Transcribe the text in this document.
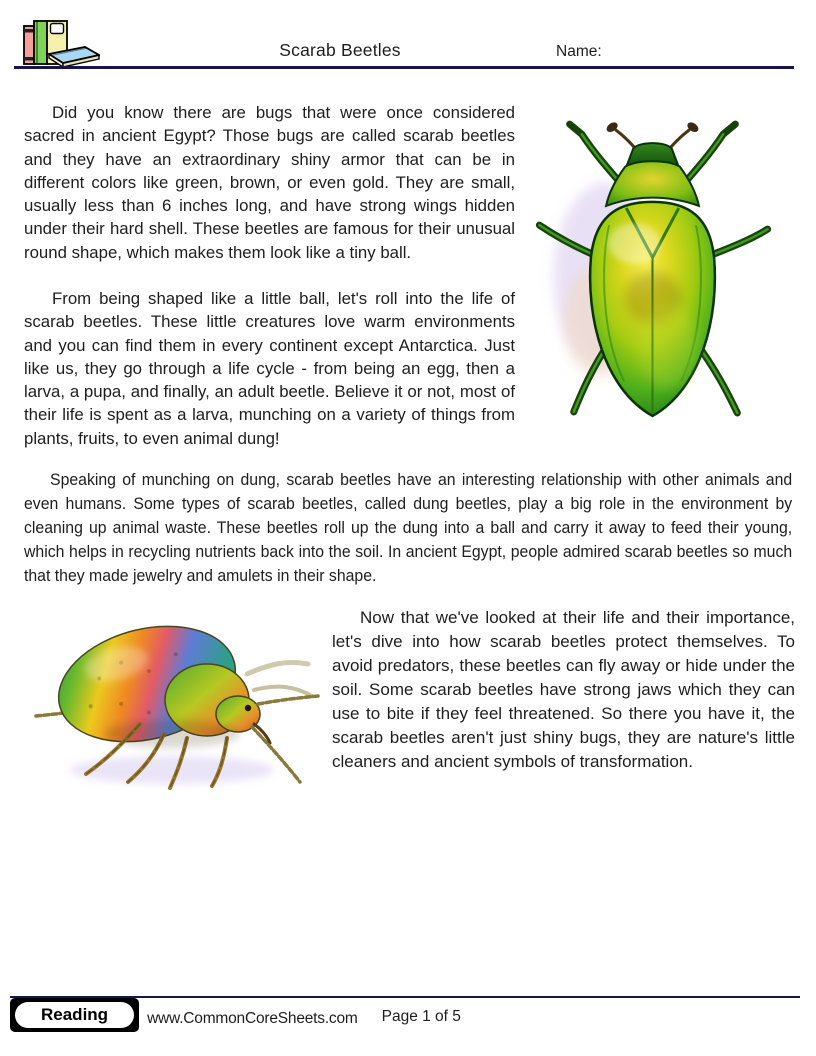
Scarab Beetles	Name:

Did you know there are bugs that were once considered sacred in ancient Egypt? Those bugs are called scarab beetles and they have an extraordinary shiny armor that can be in different colors like green, brown, or even gold. They are small, usually less than 6 inches long, and have strong wings hidden under their hard shell. These beetles are famous for their unusual round shape, which makes them look like a tiny ball.

From being shaped like a little ball, let's roll into the life of scarab beetles. These little creatures love warm environments and you can find them in every continent except Antarctica. Just like us, they go through a life cycle - from being an egg, then a larva, a pupa, and finally, an adult beetle. Believe it or not, most of their life is spent as a larva, munching on a variety of things from plants, fruits, to even animal dung!

Speaking of munching on dung, scarab beetles have an interesting relationship with other animals and even humans. Some types of scarab beetles, called dung beetles, play a big role in the environment by cleaning up animal waste. These beetles roll up the dung into a ball and carry it away to feed their young, which helps in recycling nutrients back into the soil. In ancient Egypt, people admired scarab beetles so much that they made jewelry and amulets in their shape.

Now that we've looked at their life and their importance, let's dive into how scarab beetles protect themselves. To avoid predators, these beetles can fly away or hide under the soil. Some scarab beetles have strong jaws which they can use to bite if they feel threatened. So there you have it, the scarab beetles aren't just shiny bugs, they are nature's little cleaners and ancient symbols of transformation.

Reading	www.CommonCoreSheets.com Page 1 of 5
